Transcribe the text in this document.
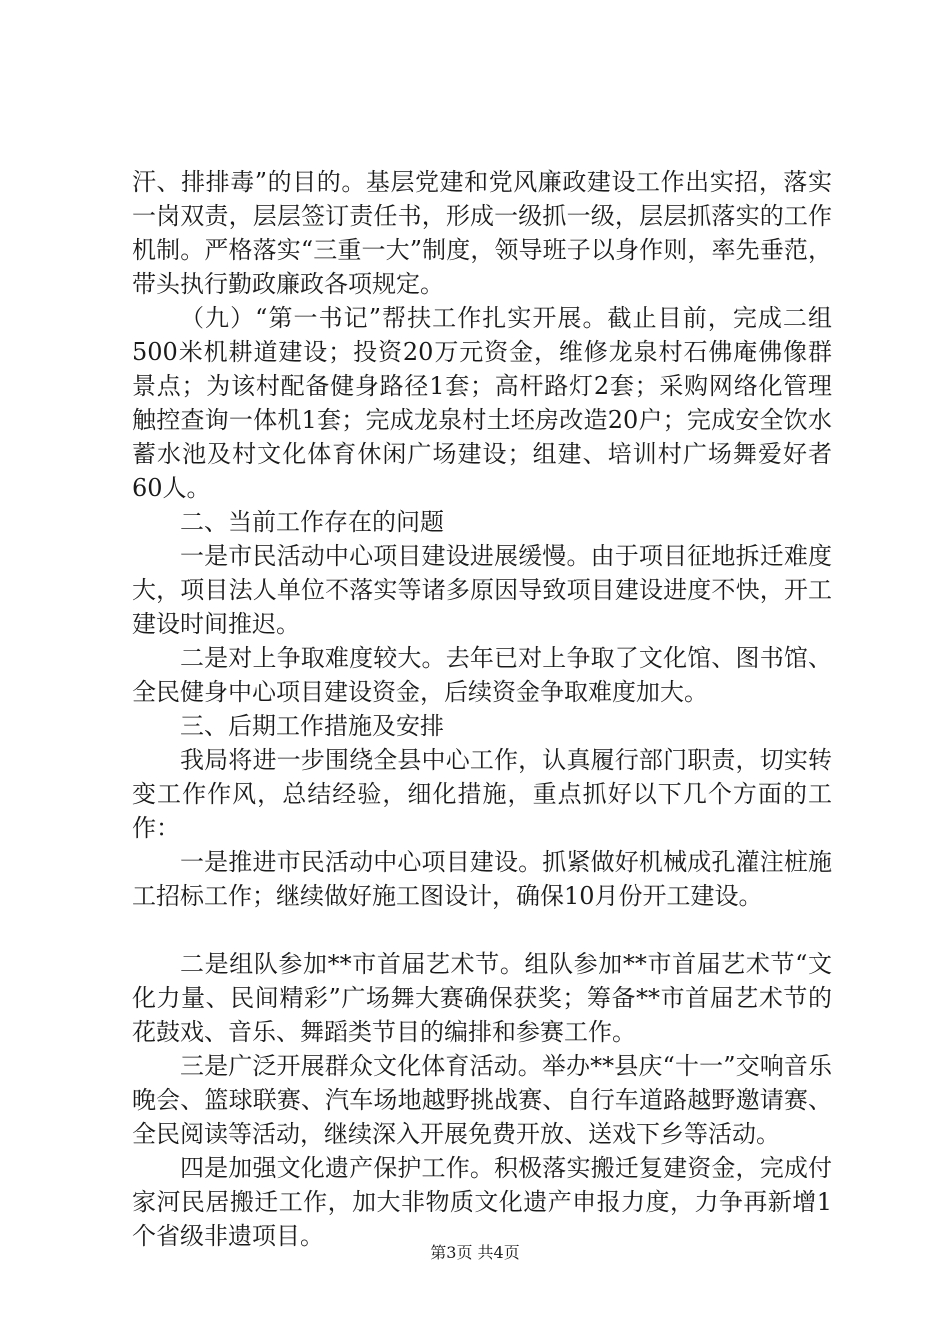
汗、排排毒”的目的。基层党建和党风廉政建设工作出实招，落实一岗双责，层层签订责任书，形成一级抓一级，层层抓落实的工作机制。严格落实“三重一大”制度，领导班子以身作则，率先垂范，带头执行勤政廉政各项规定。

（九）“第一书记”帮扶工作扎实开展。截止目前，完成二组500米机耕道建设；投资20万元资金，维修龙泉村石佛庵佛像群景点；为该村配备健身路径1套；高杆路灯2套；采购网络化管理触控查询一体机1套；完成龙泉村土坯房改造20户；完成安全饮水蓄水池及村文化体育休闲广场建设；组建、培训村广场舞爱好者60人。

二、当前工作存在的问题

一是市民活动中心项目建设进展缓慢。由于项目征地拆迁难度大，项目法人单位不落实等诸多原因导致项目建设进度不快，开工建设时间推迟。

二是对上争取难度较大。去年已对上争取了文化馆、图书馆、全民健身中心项目建设资金，后续资金争取难度加大。

三、后期工作措施及安排

我局将进一步围绕全县中心工作，认真履行部门职责，切实转变工作作风，总结经验，细化措施，重点抓好以下几个方面的工作：

一是推进市民活动中心项目建设。抓紧做好机械成孔灌注桩施工招标工作；继续做好施工图设计，确保10月份开工建设。

二是组队参加**市首届艺术节。组队参加**市首届艺术节“文化力量、民间精彩”广场舞大赛确保获奖；筹备**市首届艺术节的花鼓戏、音乐、舞蹈类节目的编排和参赛工作。

三是广泛开展群众文化体育活动。举办**县庆“十一”交响音乐晚会、篮球联赛、汽车场地越野挑战赛、自行车道路越野邀请赛、全民阅读等活动，继续深入开展免费开放、送戏下乡等活动。

四是加强文化遗产保护工作。积极落实搬迁复建资金，完成付家河民居搬迁工作，加大非物质文化遗产申报力度，力争再新增1个省级非遗项目。

第3页 共4页
